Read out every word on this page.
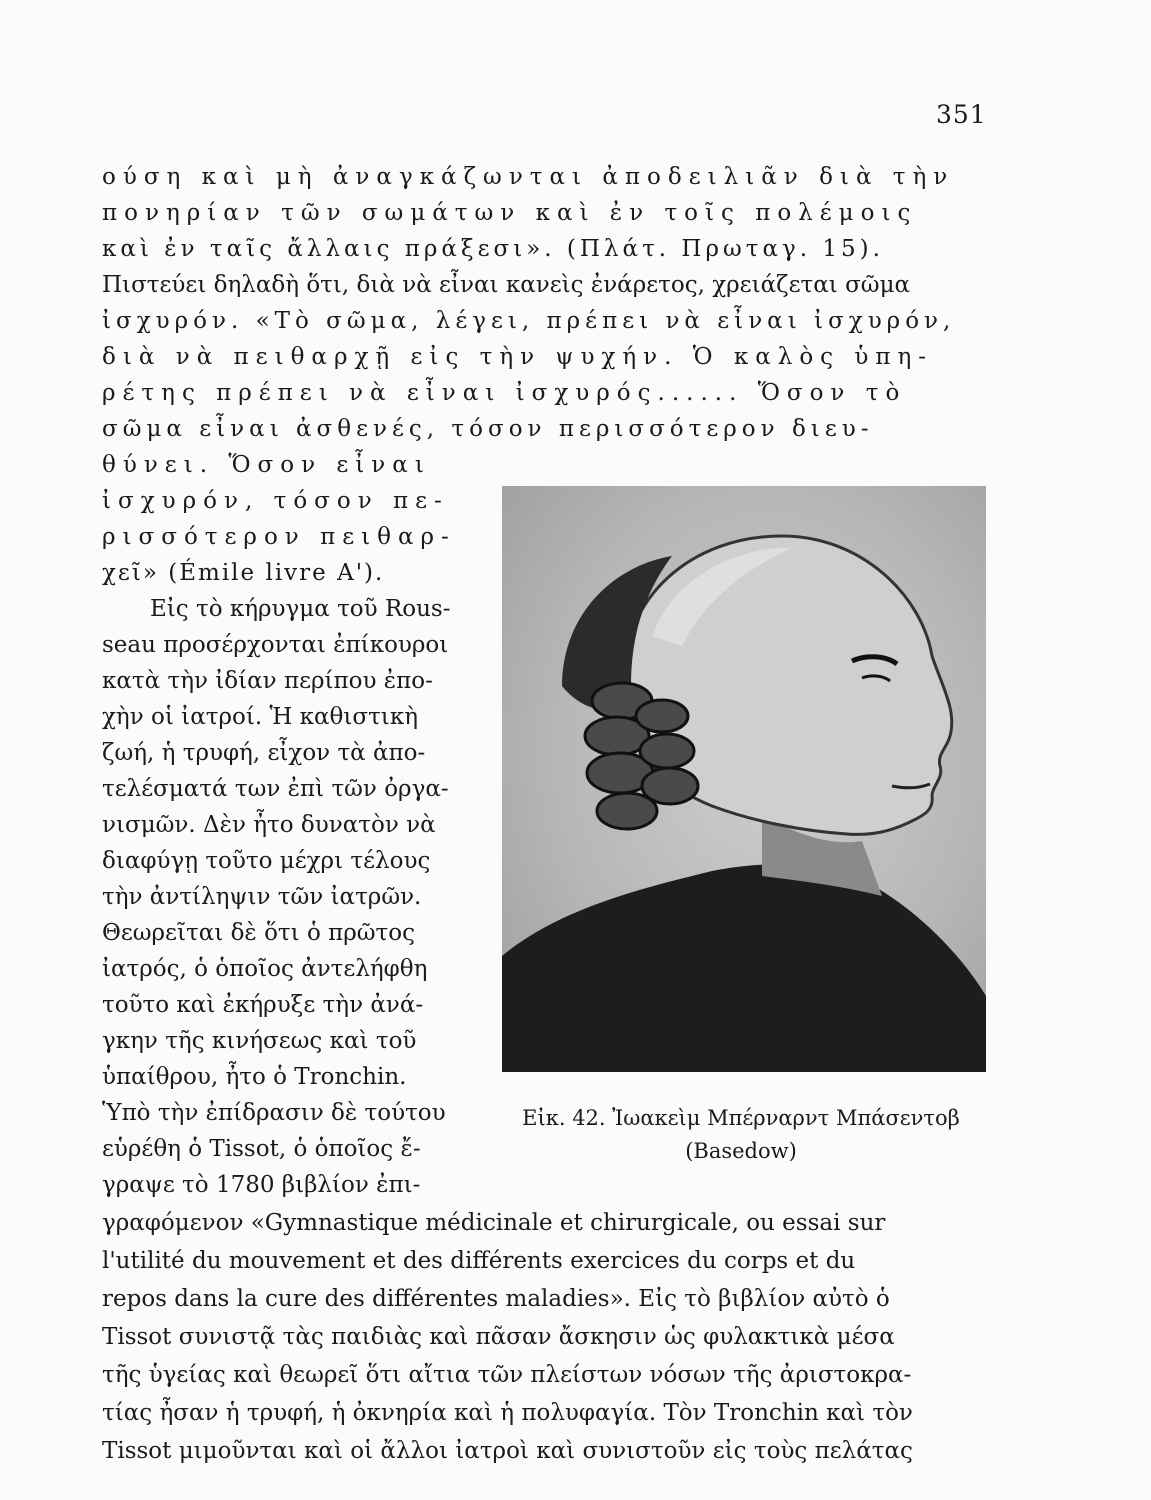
351
ούση καὶ μὴ ἀναγκάζωνται ἀποδειλιᾶν διὰ τὴν
πονηρίαν τῶν σωμάτων καὶ ἐν τοῖς πολέμοις
καὶ ἐν ταῖς ἄλλαις πράξεσι». (Πλάτ. Πρωταγ. 15).
Πιστεύει δηλαδὴ ὅτι, διὰ νὰ εἶναι κανεὶς ἐνάρετος, χρειάζεται σῶμα
ἰσχυρόν. «Τὸ σῶμα, λέγει, πρέπει νὰ εἶναι ἰσχυρόν,
διὰ νὰ πειθαρχῇ εἰς τὴν ψυχήν. Ὁ καλὸς ὑπη-
ρέτης πρέπει νὰ εἶναι ἰσχυρός...... Ὅσον τὸ
σῶμα εἶναι ἀσθενές, τόσον περισσότερον διευ-
θύνει. Ὅσον εἶναι
ἰσχυρόν, τόσον πε-
ρισσότερον πειθαρ-
χεῖ» (Émile livre A').
Εἰς τὸ κήρυγμα τοῦ Rous-
seau προσέρχονται ἐπίκουροι
κατὰ τὴν ἰδίαν περίπου ἐπο-
χὴν οἱ ἰατροί. Ἡ καθιστικὴ
ζωή, ἡ τρυφή, εἶχον τὰ ἀπο-
τελέσματά των ἐπὶ τῶν ὀργα-
νισμῶν. Δὲν ἦτο δυνατὸν νὰ
διαφύγῃ τοῦτο μέχρι τέλους
τὴν ἀντίληψιν τῶν ἰατρῶν.
Θεωρεῖται δὲ ὅτι ὁ πρῶτος
ἰατρός, ὁ ὁποῖος ἀντελήφθη
τοῦτο καὶ ἐκήρυξε τὴν ἀνά-
γκην τῆς κινήσεως καὶ τοῦ
ὑπαίθρου, ἦτο ὁ Tronchin.
Ὑπὸ τὴν ἐπίδρασιν δὲ τούτου
εὑρέθη ὁ Tissot, ὁ ὁποῖος ἔ-
γραψε τὸ 1780 βιβλίον ἐπι-
Εἰκ. 42. Ἰωακεὶμ Μπέρναρντ Μπάσεντοβ
(Basedow)
γραφόμενον «Gymnastique médicinale et chirurgicale, ou essai sur
l'utilité du mouvement et des différents exercices du corps et du
repos dans la cure des différentes maladies». Εἰς τὸ βιβλίον αὐτὸ ὁ
Tissot συνιστᾷ τὰς παιδιὰς καὶ πᾶσαν ἄσκησιν ὡς φυλακτικὰ μέσα
τῆς ὑγείας καὶ θεωρεῖ ὅτι αἴτια τῶν πλείστων νόσων τῆς ἀριστοκρα-
τίας ἦσαν ἡ τρυφή, ἡ ὀκνηρία καὶ ἡ πολυφαγία. Τὸν Tronchin καὶ τὸν
Tissot μιμοῦνται καὶ οἱ ἄλλοι ἰατροὶ καὶ συνιστοῦν εἰς τοὺς πελάτας
